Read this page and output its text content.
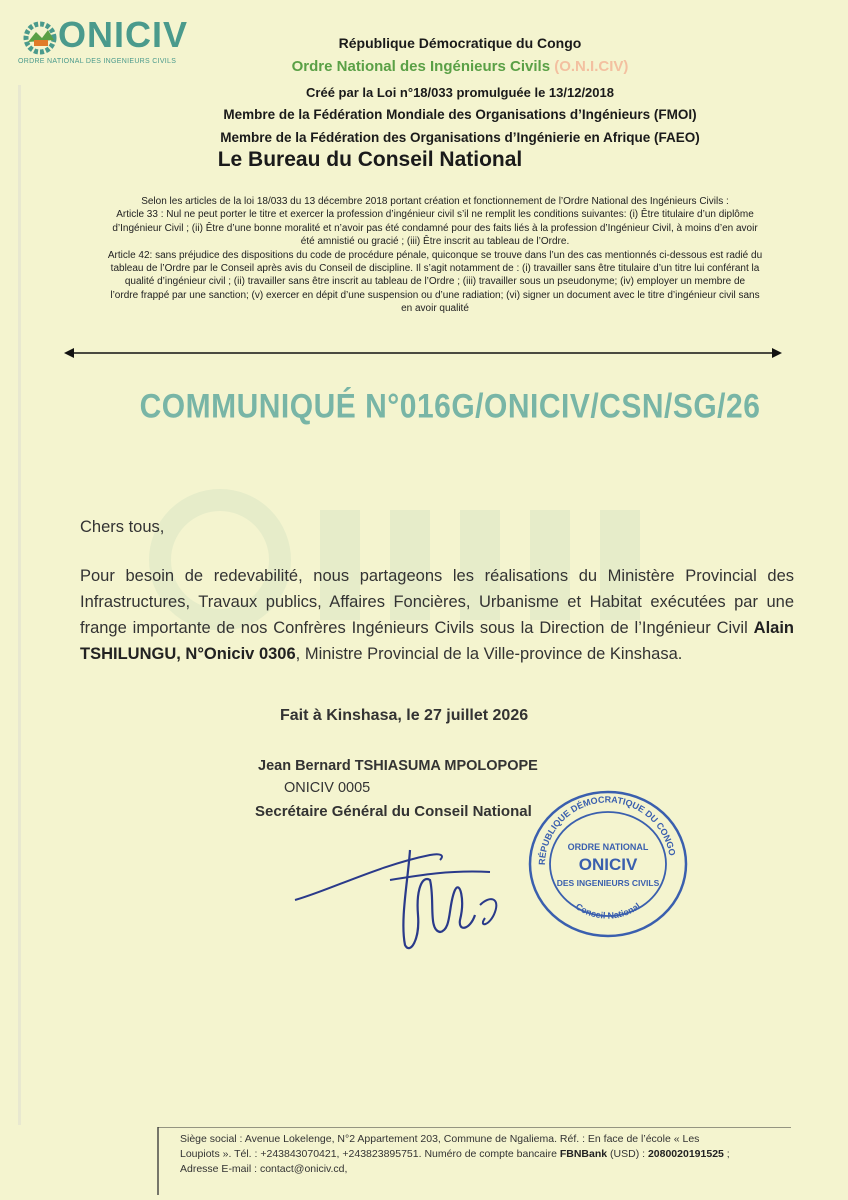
ONICIV
ORDRE NATIONAL DES INGENIEURS CIVILS
République Démocratique du Congo
Ordre National des Ingénieurs Civils (O.N.I.CIV)
Créé par la Loi n°18/033 promulguée le 13/12/2018
Membre de la Fédération Mondiale des Organisations d’Ingénieurs (FMOI)
Membre de la Fédération des Organisations d’Ingénierie en Afrique (FAEO)
Le Bureau du Conseil National

Selon les articles de la loi 18/033 du 13 décembre 2018 portant création et fonctionnement de l’Ordre National des Ingénieurs Civils :

Article 33 : Nul ne peut porter le titre et exercer la profession d’ingénieur civil s’il ne remplit les conditions suivantes: (i) Être titulaire d’un diplôme

d’Ingénieur Civil ; (ii) Être d’une bonne moralité et n’avoir pas été condamné pour des faits liés à la profession d’Ingénieur Civil, à moins d’en avoir

été amnistié ou gracié ; (iii) Être inscrit au tableau de l’Ordre.

Article 42: sans préjudice des dispositions du code de procédure pénale, quiconque se trouve dans l’un des cas mentionnés ci-dessous est radié du

tableau de l’Ordre par le Conseil après avis du Conseil de discipline. Il s’agit notamment de : (i) travailler sans être titulaire d’un titre lui conférant la

qualité d’ingénieur civil ; (ii) travailler sans être inscrit au tableau de l’Ordre ; (iii) travailler sous un pseudonyme; (iv) employer un membre de

l’ordre frappé par une sanction; (v) exercer en dépit d’une suspension ou d’une radiation; (vi) signer un document avec le titre d’ingénieur civil sans

en avoir qualité

COMMUNIQUÉ N°016G/ONICIV/CSN/SG/26
Chers tous,
Pour besoin de redevabilité, nous partageons les réalisations du Ministère Provincial des Infrastructures, Travaux publics, Affaires Foncières, Urbanisme et Habitat exécutées par une frange importante de nos Confrères Ingénieurs Civils sous la Direction de l’Ingénieur Civil Alain TSHILUNGU, N°Oniciv 0306, Ministre Provincial de la Ville-province de Kinshasa.
Fait à Kinshasa, le 27 juillet 2026
Jean Bernard TSHIASUMA MPOLOPOPE
ONICIV 0005
Secrétaire Général du Conseil National
RÉPUBLIQUE DÉMOCRATIQUE DU CONGO
Conseil National
ORDRE NATIONAL
ONICIV
DES INGENIEURS CIVILS
Siège social : Avenue Lokelenge, N°2 Appartement 203, Commune de Ngaliema. Réf. : En face de l’école « Les
Loupiots ». Tél. : +243843070421, +243823895751. Numéro de compte bancaire FBNBank (USD) : 2080020191525 ;
Adresse E-mail : contact@oniciv.cd,
